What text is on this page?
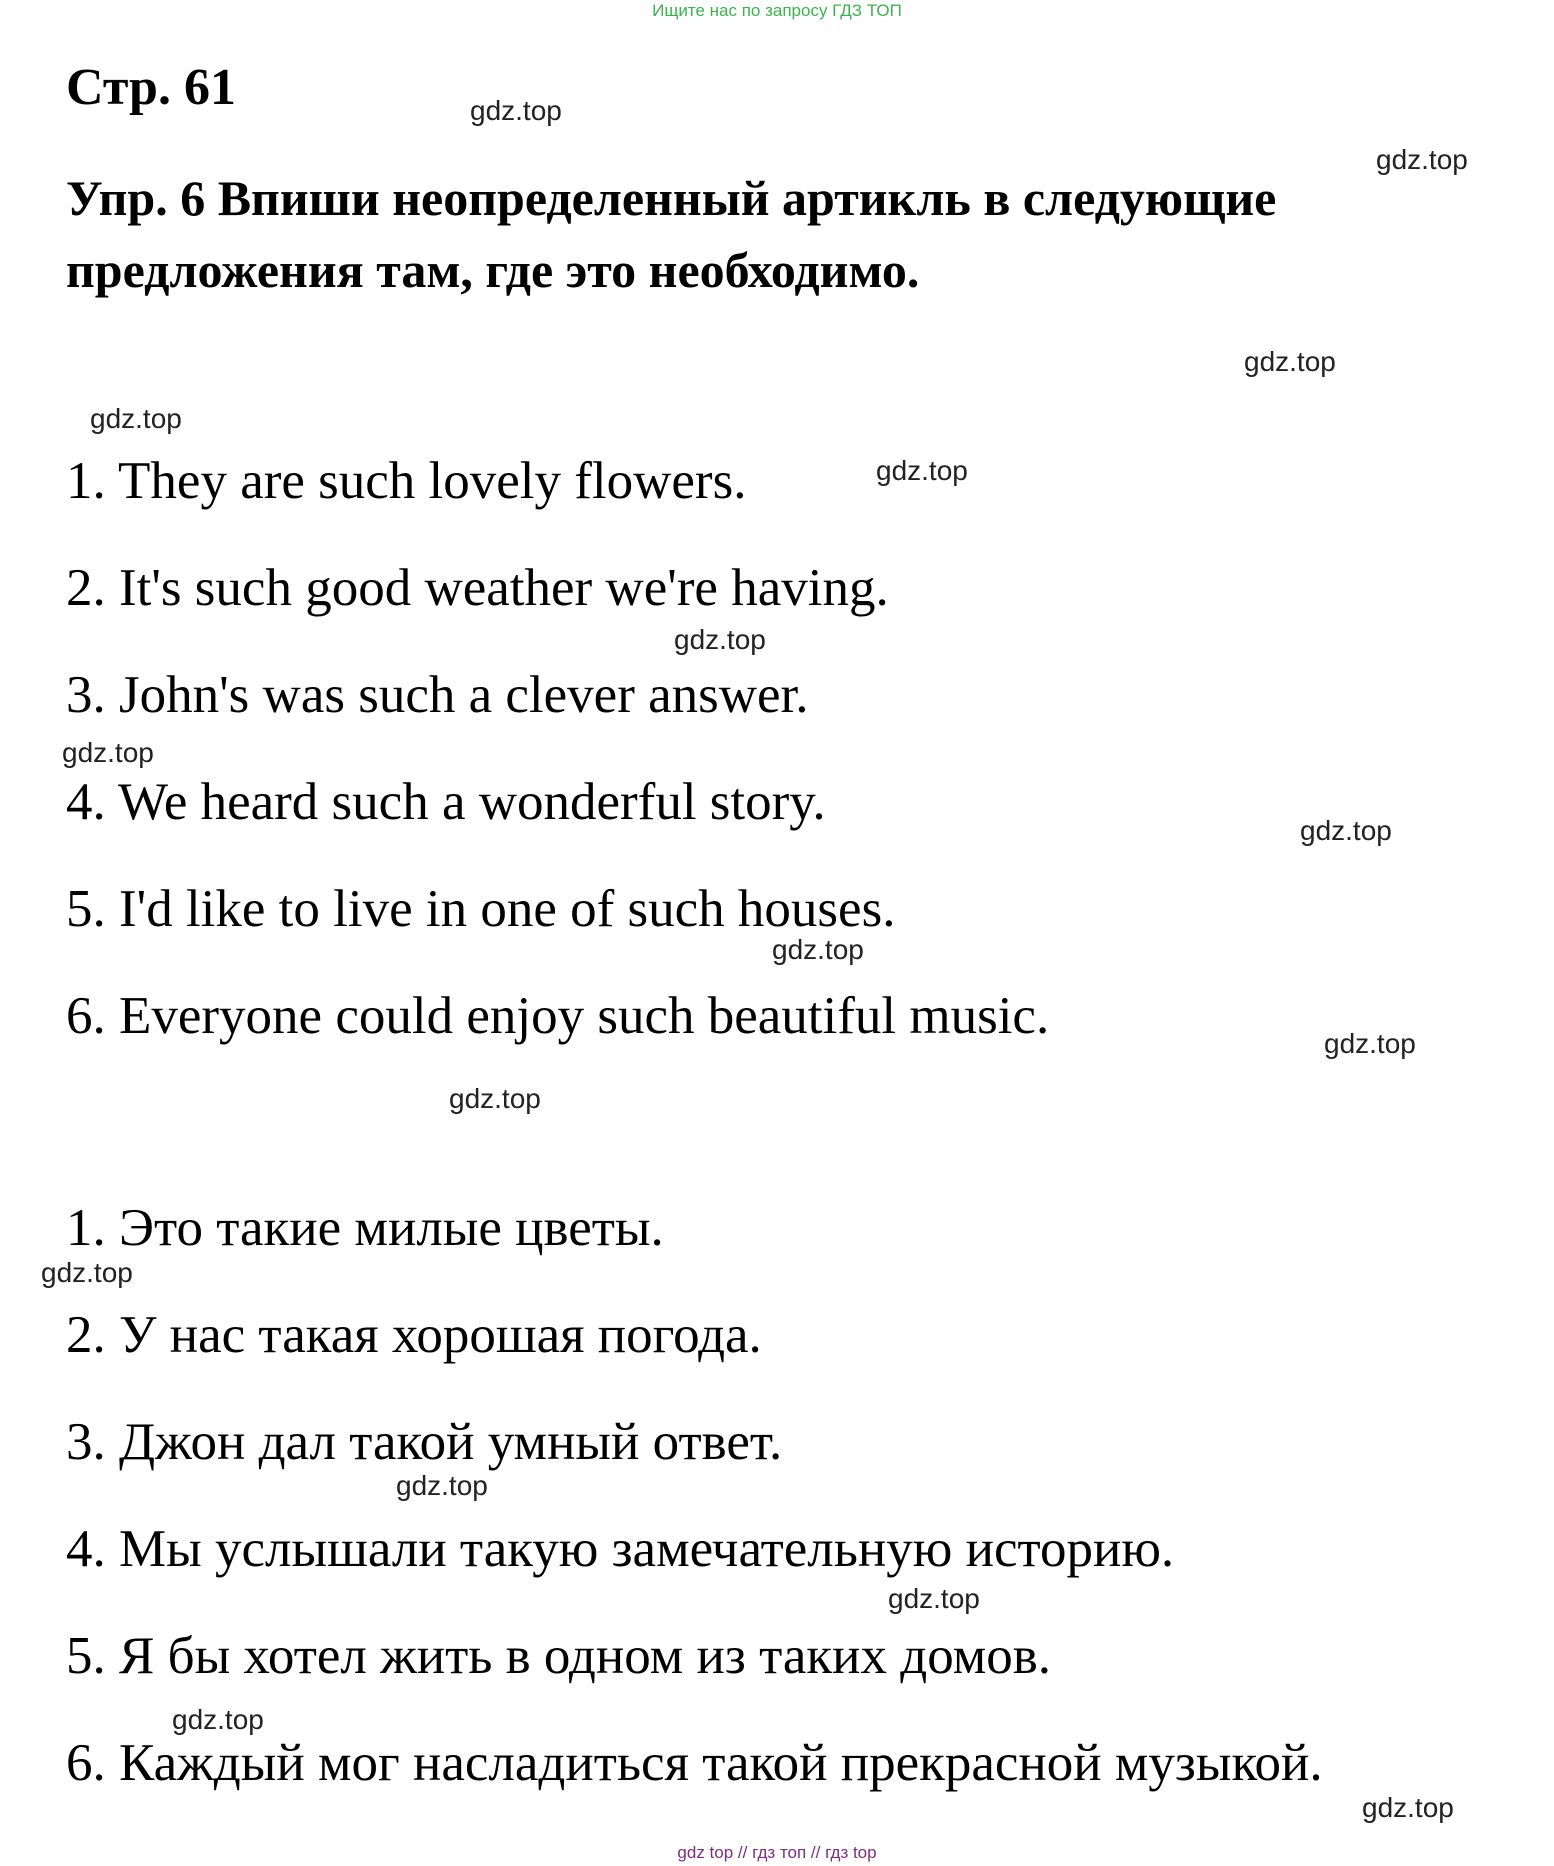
Ищите нас по запросу ГДЗ ТОП
Стр. 61
Упр. 6 Впиши неопределенный артикль в следующие предложения там, где это необходимо.
1. They are such lovely flowers.
2. It's such good weather we're having.
3. John's was such a clever answer.
4. We heard such a wonderful story.
5. I'd like to live in one of such houses.
6. Everyone could enjoy such beautiful music.
1. Это такие милые цветы.
2. У нас такая хорошая погода.
3. Джон дал такой умный ответ.
4. Мы услышали такую замечательную историю.
5. Я бы хотел жить в одном из таких домов.
6. Каждый мог насладиться такой прекрасной музыкой.
gdz.top
gdz.top
gdz.top
gdz.top
gdz.top
gdz.top
gdz.top
gdz.top
gdz.top
gdz.top
gdz.top
gdz.top
gdz.top
gdz.top
gdz.top
gdz.top
gdz top // гдз топ // гдз top
